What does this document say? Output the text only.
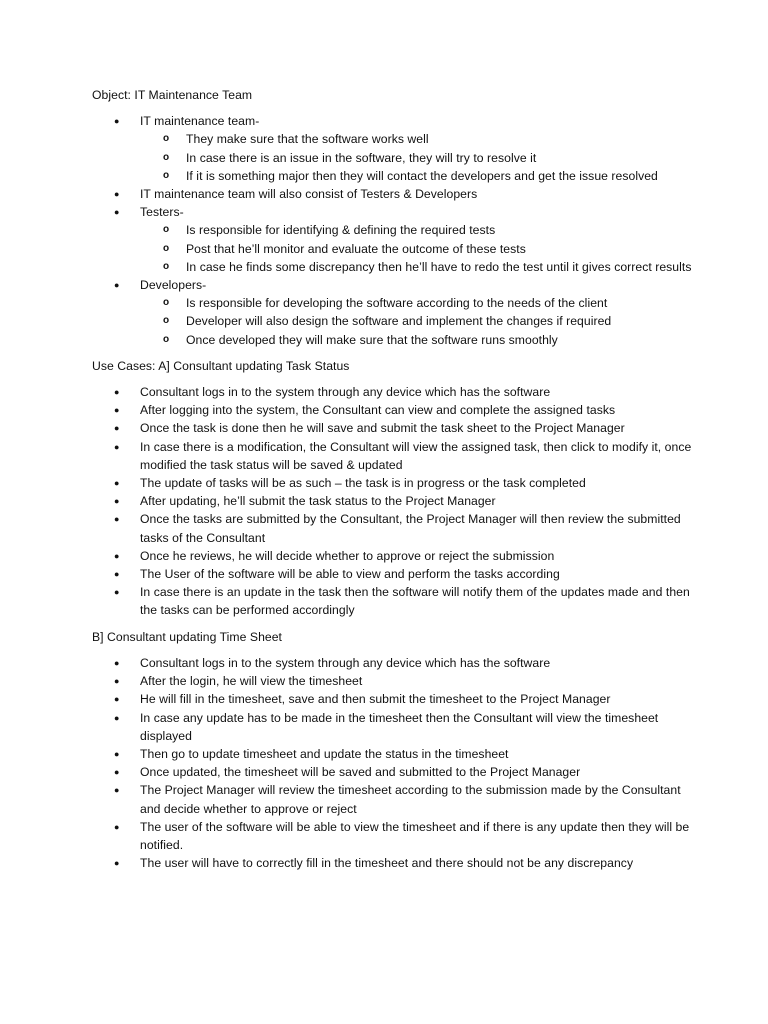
Object: IT Maintenance Team
● IT maintenance team-
o They make sure that the software works well
o In case there is an issue in the software, they will try to resolve it
o If it is something major then they will contact the developers and get the issue resolved
● IT maintenance team will also consist of Testers & Developers
● Testers-
o Is responsible for identifying & defining the required tests
o Post that he’ll monitor and evaluate the outcome of these tests
o In case he finds some discrepancy then he’ll have to redo the test until it gives correct results
● Developers-
o Is responsible for developing the software according to the needs of the client
o Developer will also design the software and implement the changes if required
o Once developed they will make sure that the software runs smoothly
Use Cases: A] Consultant updating Task Status
● Consultant logs in to the system through any device which has the software
● After logging into the system, the Consultant can view and complete the assigned tasks
● Once the task is done then he will save and submit the task sheet to the Project Manager
● In case there is a modification, the Consultant will view the assigned task, then click to modify it, once modified the task status will be saved & updated
● The update of tasks will be as such – the task is in progress or the task completed
● After updating, he’ll submit the task status to the Project Manager
● Once the tasks are submitted by the Consultant, the Project Manager will then review the submitted tasks of the Consultant
● Once he reviews, he will decide whether to approve or reject the submission
● The User of the software will be able to view and perform the tasks according
● In case there is an update in the task then the software will notify them of the updates made and then the tasks can be performed accordingly
B] Consultant updating Time Sheet
● Consultant logs in to the system through any device which has the software
● After the login, he will view the timesheet
● He will fill in the timesheet, save and then submit the timesheet to the Project Manager
● In case any update has to be made in the timesheet then the Consultant will view the timesheet displayed
● Then go to update timesheet and update the status in the timesheet
● Once updated, the timesheet will be saved and submitted to the Project Manager
● The Project Manager will review the timesheet according to the submission made by the Consultant and decide whether to approve or reject
● The user of the software will be able to view the timesheet and if there is any update then they will be notified.
● The user will have to correctly fill in the timesheet and there should not be any discrepancy
